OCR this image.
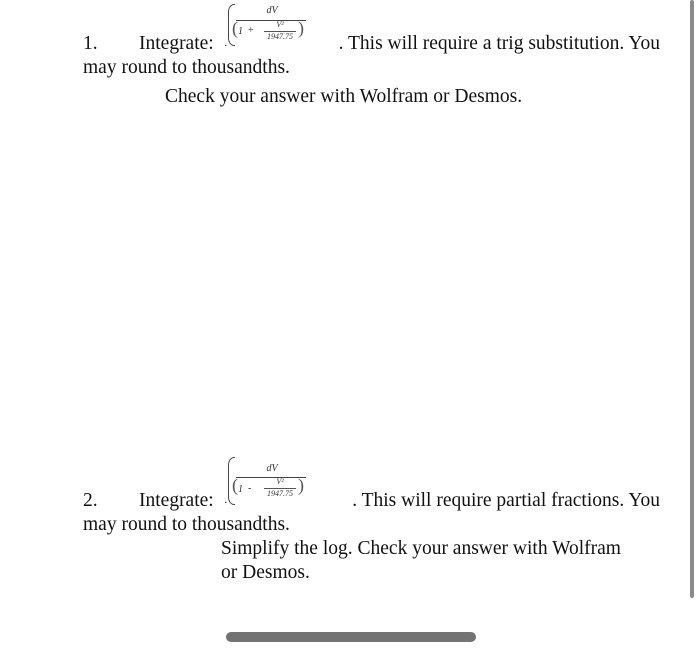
dV
( 1 +
V²
1947.75 )
1. Integrate: ·	. This will require a trig substitution. You
may round to thousandths.
Check your answer with Wolfram or Desmos.
dV
( 1 -
V²
1947.75 )
2. Integrate: ·	. This will require partial fractions. You
may round to thousandths.
Simplify the log. Check your answer with Wolfram
or Desmos.
